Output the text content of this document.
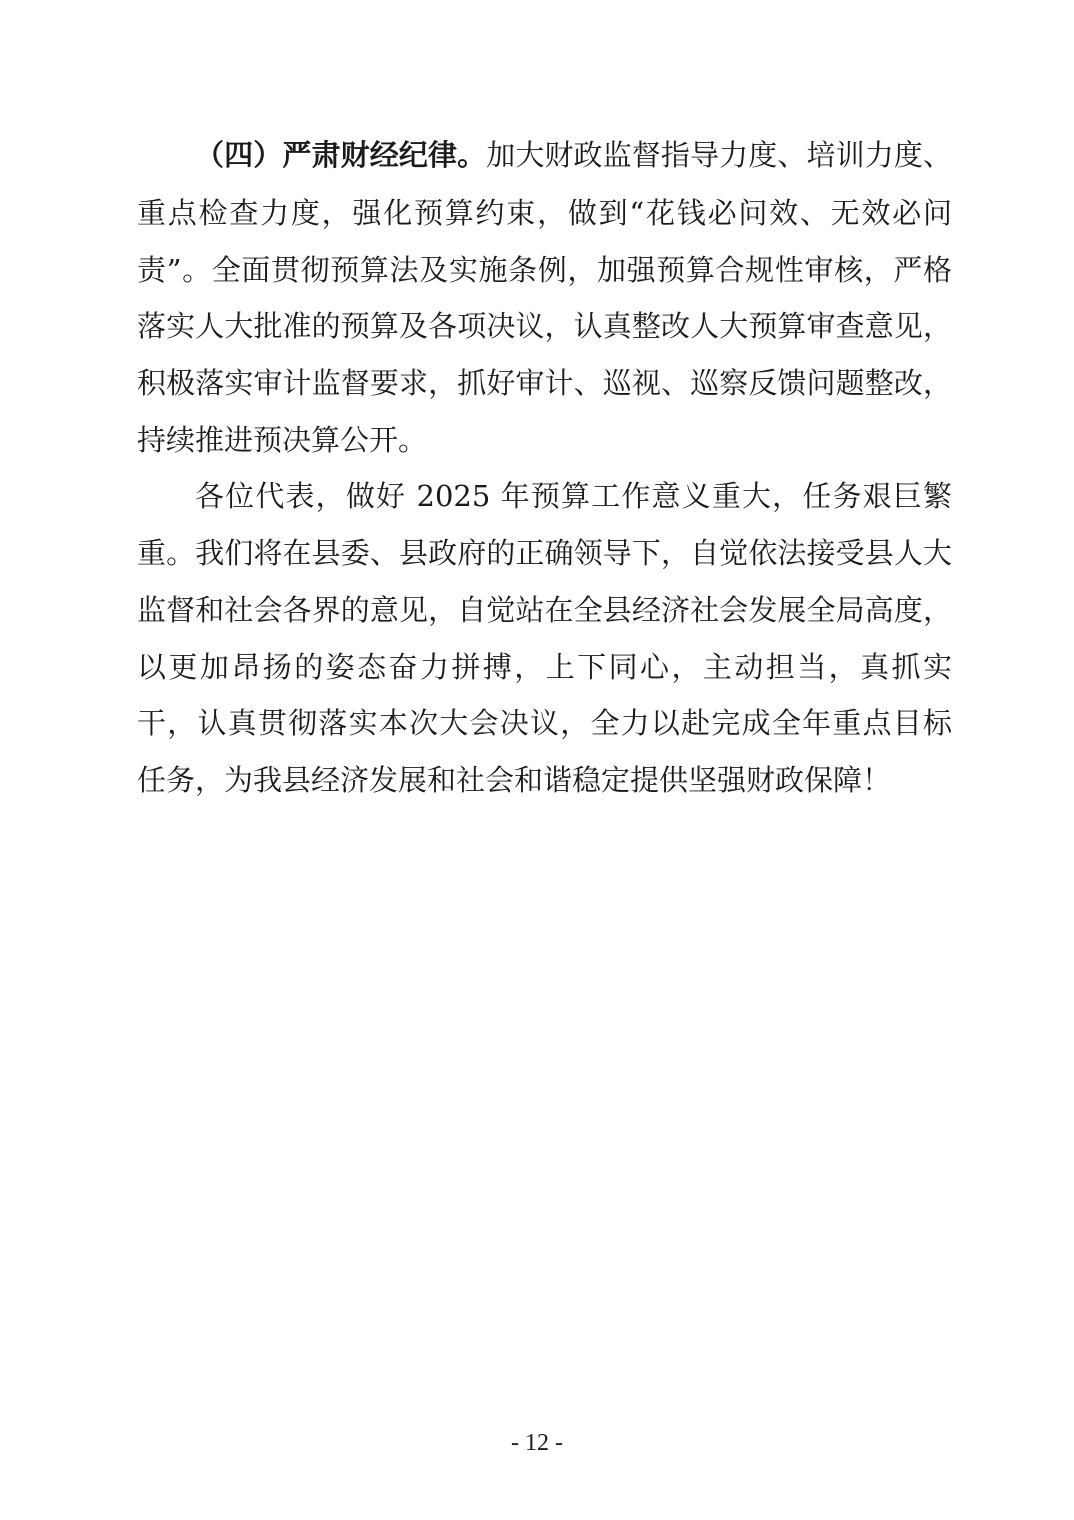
（四）严肃财经纪律。加大财政监督指导力度、培训力度、
重点检查力度，强化预算约束，做到“花钱必问效、无效必问
责”。全面贯彻预算法及实施条例，加强预算合规性审核，严格
落实人大批准的预算及各项决议，认真整改人大预算审查意见，
积极落实审计监督要求，抓好审计、巡视、巡察反馈问题整改，
持续推进预决算公开。
各位代表，做好 2025 年预算工作意义重大，任务艰巨繁
重。我们将在县委、县政府的正确领导下，自觉依法接受县人大
监督和社会各界的意见，自觉站在全县经济社会发展全局高度，
以更加昂扬的姿态奋力拼搏，上下同心，主动担当，真抓实
干，认真贯彻落实本次大会决议，全力以赴完成全年重点目标
任务，为我县经济发展和社会和谐稳定提供坚强财政保障！
- 12 -
